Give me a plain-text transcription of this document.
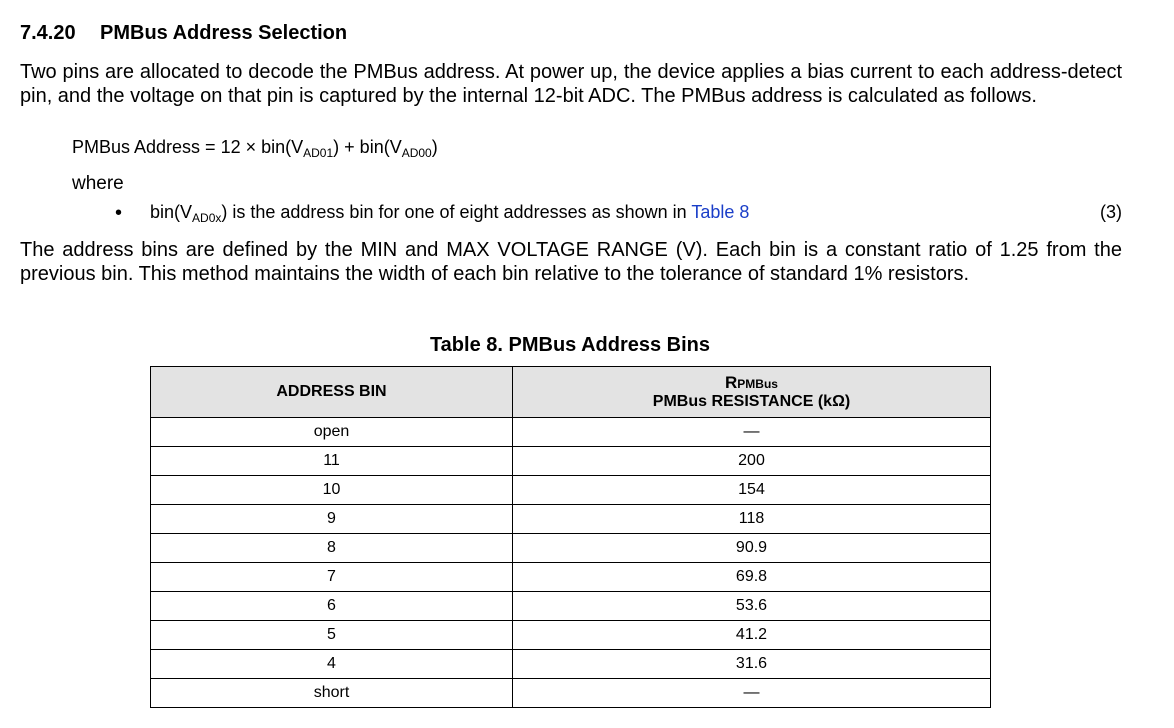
7.4.20 PMBus Address Selection

Two pins are allocated to decode the PMBus address. At power up, the device applies a bias current to each address-detect pin, and the voltage on that pin is captured by the internal 12-bit ADC. The PMBus address is calculated as follows.

PMBus Address = $12 \times bin(V_{AD01}) + bin(V_{AD00})$
where
• $bin(V_{AD0x})$ is the address bin for one of eight addresses as shown in Table 8	(3)

The address bins are defined by the MIN and MAX VOLTAGE RANGE (V). Each bin is a constant ratio of 1.25 from the previous bin. This method maintains the width of each bin relative to the tolerance of standard 1% resistors.

Table 8. PMBus Address Bins
ADDRESS BIN	RPMBus
PMBus RESISTANCE (kΩ)

open	—
11	200
10	154
9	118
8	90.9
7	69.8
6	53.6
5	41.2
4	31.6
short	—
